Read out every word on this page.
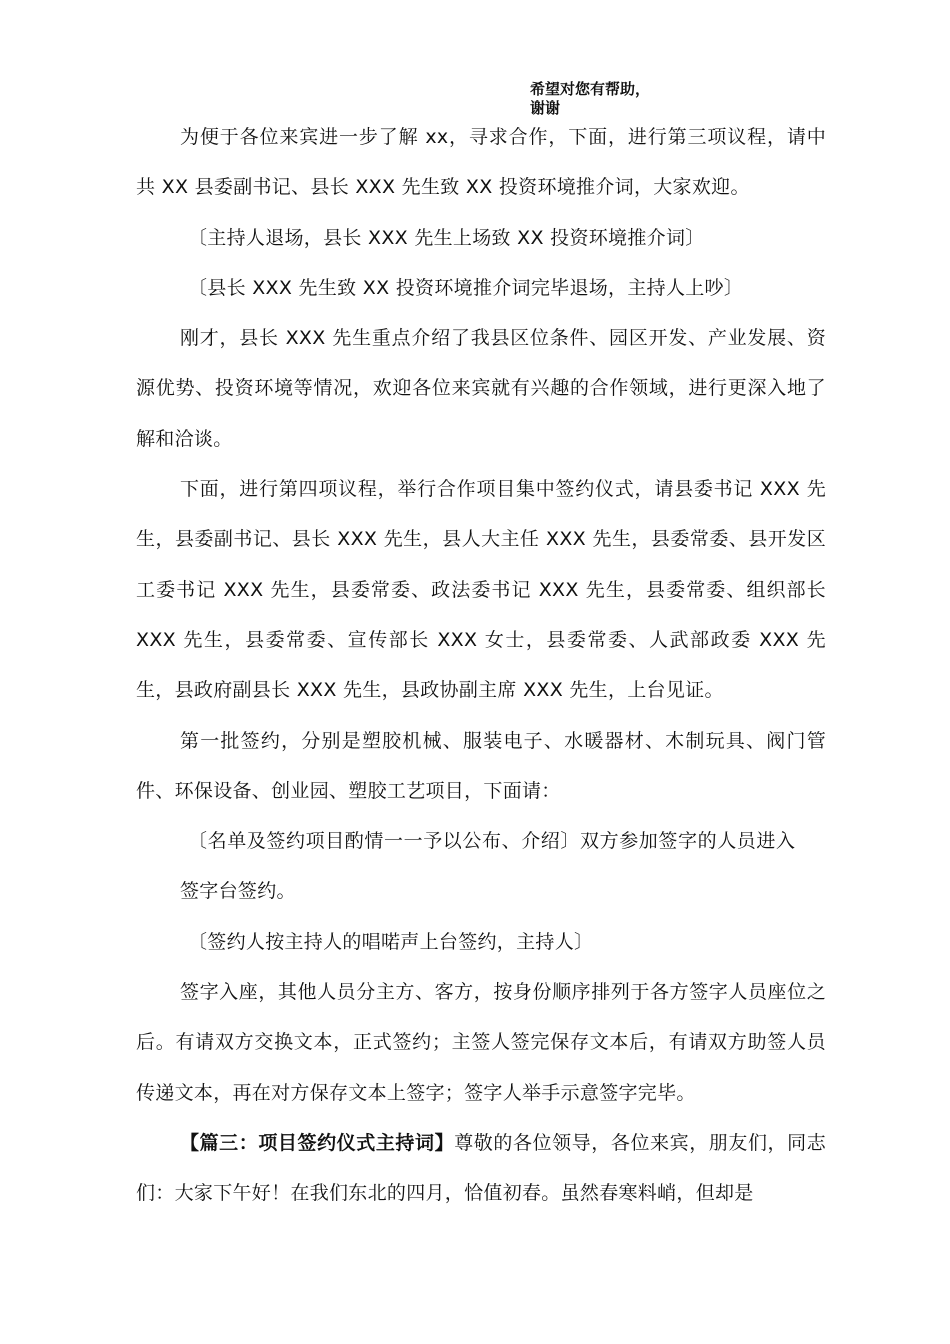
希望对您有帮助，
谢谢

为便于各位来宾进一步了解 xx，寻求合作，下面，进行第三项议程，请中共 XX 县委副书记、县长 XXX 先生致 XX 投资环境推介词，大家欢迎。

〔主持人退场，县长 XXX 先生上场致 XX 投资环境推介词〕

〔县长 XXX 先生致 XX 投资环境推介词完毕退场，主持人上吵〕

刚才，县长 XXX 先生重点介绍了我县区位条件、园区开发、产业发展、资源优势、投资环境等情况，欢迎各位来宾就有兴趣的合作领域，进行更深入地了解和洽谈。

下面，进行第四项议程，举行合作项目集中签约仪式，请县委书记 XXX 先生，县委副书记、县长 XXX 先生，县人大主任 XXX 先生，县委常委、县开发区工委书记 XXX 先生，县委常委、政法委书记 XXX 先生，县委常委、组织部长 XXX 先生，县委常委、宣传部长 XXX 女士，县委常委、人武部政委 XXX 先生，县政府副县长 XXX 先生，县政协副主席 XXX 先生，上台见证。

第一批签约，分别是塑胶机械、服装电子、水暖器材、木制玩具、阀门管件、环保设备、创业园、塑胶工艺项目，下面请：

〔名单及签约项目酌情一一予以公布、介绍〕双方参加签字的人员进入

签字台签约。

〔签约人按主持人的唱喏声上台签约，主持人〕

签字入座，其他人员分主方、客方，按身份顺序排列于各方签字人员座位之后。有请双方交换文本，正式签约；主签人签完保存文本后，有请双方助签人员传递文本，再在对方保存文本上签字；签字人举手示意签字完毕。

【篇三：项目签约仪式主持词】尊敬的各位领导，各位来宾，朋友们，同志们：大家下午好！在我们东北的四月，恰值初春。虽然春寒料峭，但却是
